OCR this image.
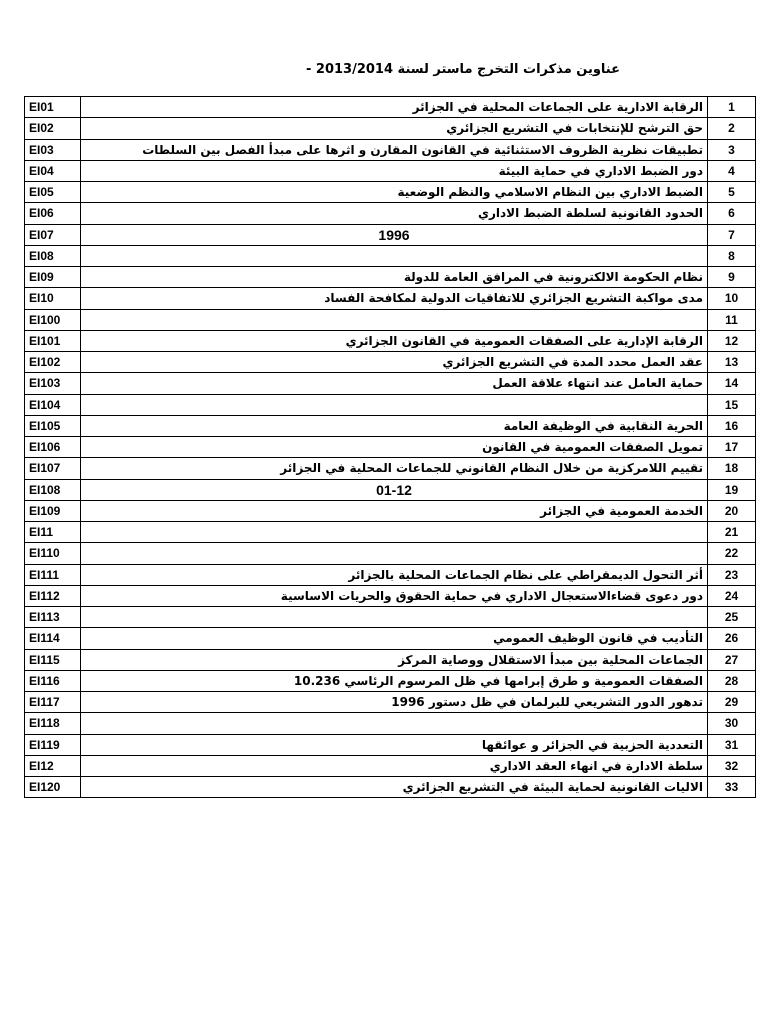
عناوين مذكرات التخرج ماستر لسنة 2013/2014 -
1	الرقابة الادارية على الجماعات المحلية في الجزائر	EI01
2	حق الترشح للإنتخابات في التشريع الجزائري	EI02
3	تطبيقات نظرية الظروف الاستثنائية في القانون المقارن و اثرها على مبدأ الفصل بين السلطات	EI03
4	دور الضبط الاداري في حماية البيئة	EI04
5	الضبط الاداري بين النظام الاسلامي والنظم الوضعية	EI05
6	الحدود القانونية لسلطة الضبط الاداري	EI06
7	1996	EI07
8		EI08
9	نظام الحكومة الالكترونية في المرافق العامة للدولة	EI09
10	مدى مواكبة التشريع الجزائري للاتفاقيات الدولية لمكافحة الفساد	EI10
11		EI100
12	الرقابة الإدارية على الصفقات العمومية في القانون الجزائري	EI101
13	عقد العمل محدد المدة في التشريع الجزائري	EI102
14	حماية العامل عند انتهاء علاقة العمل	EI103
15		EI104
16	الحرية النقابية في الوظيفة العامة	EI105
17	تمويل الصفقات العمومية في القانون	EI106
18	تقييم اللامركزية من خلال النظام القانوني للجماعات المحلية في الجزائر	EI107
19	01-12	EI108
20	الخدمة العمومية في الجزائر	EI109
21		EI11
22		EI110
23	أثر التحول الديمقراطي على نظام الجماعات المحلية بالجزائر	EI111
24	دور دعوى قضاءالاستعجال الاداري في حماية الحقوق والحريات الاساسية	EI112
25		EI113
26	التأديب في قانون الوظيف العمومي	EI114
27	الجماعات المحلية بين مبدأ الاستقلال ووصاية المركز	EI115
28	الصفقات العمومية و طرق إبرامها في ظل المرسوم الرئاسي 10.236	EI116
29	تدهور الدور التشريعي للبرلمان في ظل دستور 1996	EI117
30		EI118
31	التعددية الحزبية في الجزائر و عوائقها	EI119
32	سلطة الادارة في انهاء العقد الاداري	EI12
33	الاليات القانونية لحماية البيئة في التشريع الجزائري	EI120
